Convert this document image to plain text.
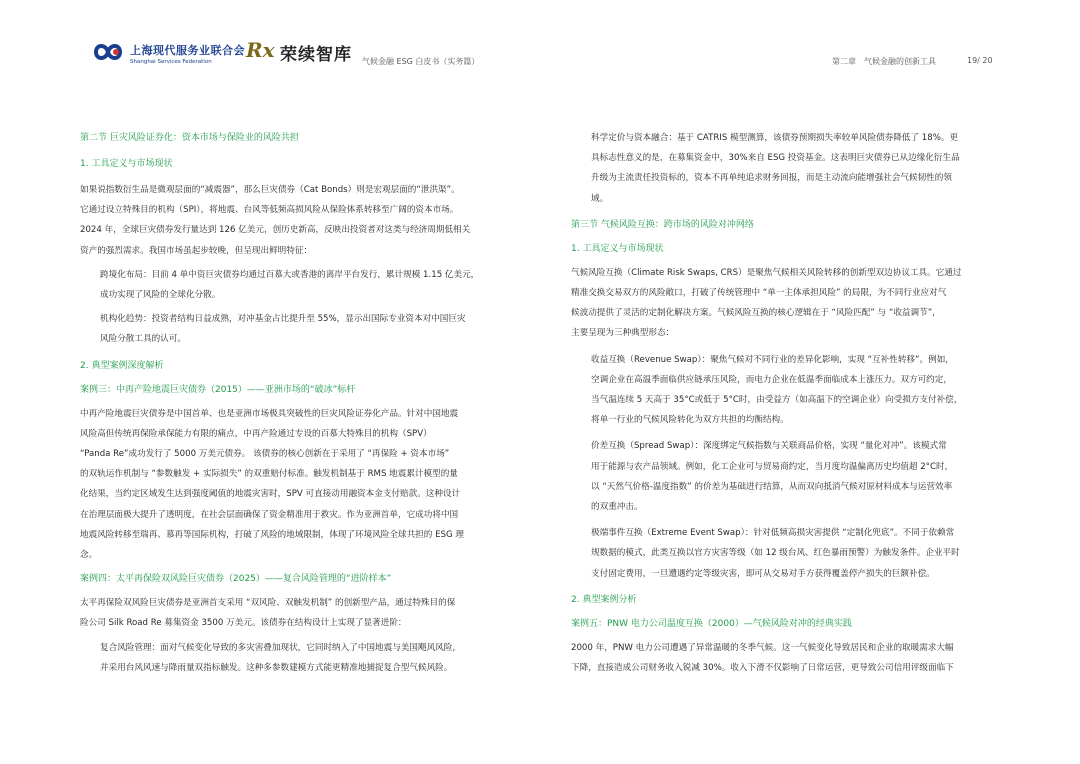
上海现代服务业联合会
Shanghai Services Federation	Rx 荣续智库 气候金融 ESG 白皮书（实务篇）	第二章　气候金融的创新工具	19/ 20
第二节 巨灾风险证券化：资本市场与保险业的风险共担
1. 工具定义与市场现状
如果说指数衍生品是微观层面的“减震器”，那么巨灾债券（Cat Bonds）则是宏观层面的“泄洪渠”。
它通过设立特殊目的机构（SPI），将地震、台风等低频高损风险从保险体系转移至广阔的资本市场。
2024 年，全球巨灾债券发行量达到 126 亿美元，创历史新高，反映出投资者对这类与经济周期低相关
资产的强烈需求。我国市场虽起步较晚，但呈现出鲜明特征：
跨境化布局：目前 4 单中资巨灾债券均通过百慕大或香港的离岸平台发行，累计规模 1.15 亿美元，
成功实现了风险的全球化分散。
机构化趋势：投资者结构日益成熟，对冲基金占比提升至 55%，显示出国际专业资本对中国巨灾
风险分散工具的认可。
2. 典型案例深度解析
案例三：中再产险地震巨灾债券（2015）——亚洲市场的“破冰”标杆
中再产险地震巨灾债券是中国首单、也是亚洲市场极具突破性的巨灾风险证券化产品。针对中国地震
风险高但传统再保险承保能力有限的痛点，中再产险通过专设的百慕大特殊目的机构（SPV）
“Panda Re”成功发行了 5000 万美元债券。 该债券的核心创新在于采用了 “再保险 + 资本市场”
的双轨运作机制与 “参数触发 + 实际损失” 的双重赔付标准。触发机制基于 RMS 地震累计模型的量
化结果，当约定区域发生达到强度阈值的地震灾害时，SPV 可直接动用融资本金支付赔款。这种设计
在治理层面极大提升了透明度，在社会层面确保了资金精准用于救灾。作为亚洲首单，它成功将中国
地震风险转移至瑞再、慕再等国际机构，打破了风险的地域限制，体现了环境风险全球共担的 ESG 理
念。
案例四：太平再保险双风险巨灾债券（2025）——复合风险管理的“进阶样本”
太平再保险双风险巨灾债券是亚洲首支采用 “双风险、双触发机制” 的创新型产品，通过特殊目的保
险公司 Silk Road Re 募集资金 3500 万美元。该债券在结构设计上实现了显著进阶：
复合风险管理：面对气候变化导致的多灾害叠加现状，它同时纳入了中国地震与美国飓风风险，
并采用台风风速与降雨量双指标触发。这种多参数建模方式能更精准地捕捉复合型气候风险。
科学定价与资本融合：基于 CATRIS 模型测算，该债券预期损失率较单风险债券降低了 18%。更
具标志性意义的是，在募集资金中，30%来自 ESG 投资基金。这表明巨灾债券已从边缘化衍生品
升级为主流责任投资标的，资本不再单纯追求财务回报，而是主动流向能增强社会气候韧性的领
域。
第三节 气候风险互换：跨市场的风险对冲网络
1. 工具定义与市场现状
气候风险互换（Climate Risk Swaps, CRS）是聚焦气候相关风险转移的创新型双边协议工具。它通过
精准交换交易双方的风险敞口，打破了传统管理中 “单一主体承担风险” 的局限，为不同行业应对气
候波动提供了灵活的定制化解决方案。气候风险互换的核心逻辑在于 “风险匹配” 与 “收益调节”，
主要呈现为三种典型形态：
收益互换（Revenue Swap）：聚焦气候对不同行业的差异化影响，实现 “互补性转移”。例如，
空调企业在高温季面临供应链承压风险，而电力企业在低温季面临成本上涨压力。双方可约定，
当气温连续 5 天高于 35°C或低于 5°C时，由受益方（如高温下的空调企业）向受损方支付补偿，
将单一行业的气候风险转化为双方共担的均衡结构。
价差互换（Spread Swap）：深度绑定气候指数与关联商品价格，实现 “量化对冲”。该模式常
用于能源与农产品领域。例如，化工企业可与贸易商约定，当月度均温偏离历史均值超 2°C时，
以 “天然气价格-温度指数” 的价差为基础进行结算，从而双向抵消气候对原材料成本与运营效率
的双重冲击。
极端事件互换（Extreme Event Swap）：针对低频高损灾害提供 “定制化兜底”。不同于依赖常
规数据的模式，此类互换以官方灾害等级（如 12 级台风、红色暴雨预警）为触发条件。企业平时
支付固定费用，一旦遭遇约定等级灾害，即可从交易对手方获得覆盖停产损失的巨额补偿。
2. 典型案例分析
案例五：PNW 电力公司温度互换（2000）—气候风险对冲的经典实践
2000 年，PNW 电力公司遭遇了异常温暖的冬季气候。这一气候变化导致居民和企业的取暖需求大幅
下降，直接造成公司财务收入锐减 30%。收入下滑不仅影响了日常运营，更导致公司信用评级面临下
